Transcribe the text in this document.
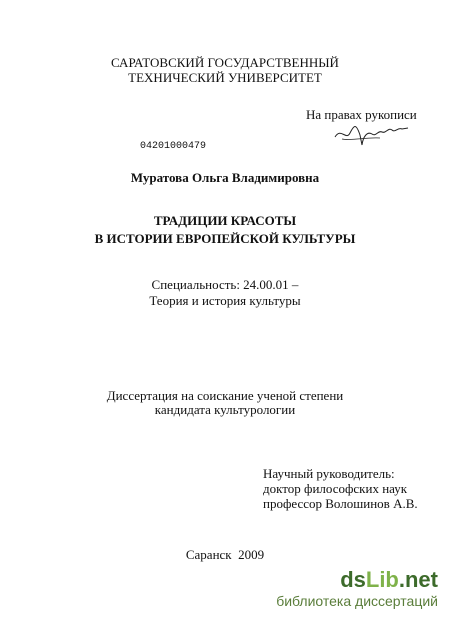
САРАТОВСКИЙ ГОСУДАРСТВЕННЫЙ

ТЕХНИЧЕСКИЙ УНИВЕРСИТЕТ

На правах рукописи

04201000479

Муратова Ольга Владимировна

ТРАДИЦИИ КРАСОТЫ

В ИСТОРИИ ЕВРОПЕЙСКОЙ КУЛЬТУРЫ

Специальность: 24.00.01 –

Теория и история культуры

Диссертация на соискание ученой степени

кандидата культурологии

Научный руководитель:

доктор философских наук

профессор Волошинов А.В.

Саранск  2009

dsLib.net
библиотека диссертаций
